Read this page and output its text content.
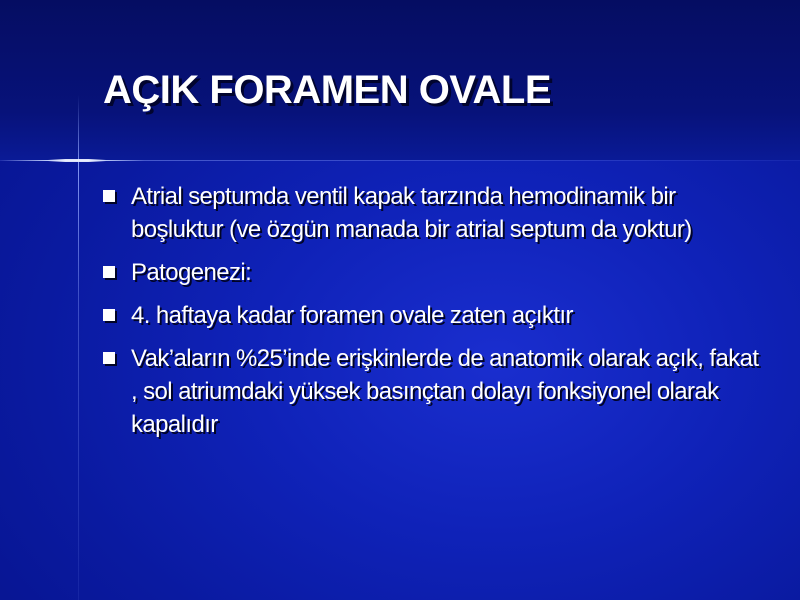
AÇIK FORAMEN OVALE
Atrial septumda ventil kapak tarzında hemodinamik bir boşluktur (ve özgün manada bir atrial septum da yoktur)
Patogenezi:
4. haftaya kadar foramen ovale zaten açıktır
Vak’aların %25’inde erişkinlerde de anatomik olarak açık, fakat , sol atriumdaki yüksek basınçtan dolayı fonksiyonel olarak kapalıdır
